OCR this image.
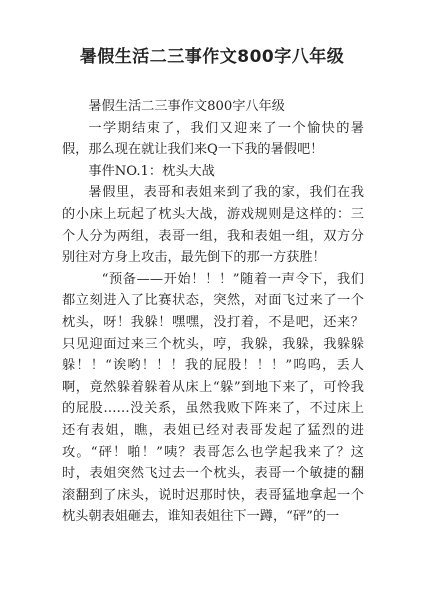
暑假生活二三事作文800字八年级

暑假生活二三事作文800字八年级

一学期结束了，我们又迎来了一个愉快的暑假，那么现在就让我们来Q一下我的暑假吧！

事件NO.1：枕头大战

暑假里，表哥和表姐来到了我的家，我们在我的小床上玩起了枕头大战，游戏规则是这样的：三个人分为两组，表哥一组，我和表姐一组，双方分别往对方身上攻击，最先倒下的那一方获胜！

“预备——开始！！！”随着一声令下，我们都立刻进入了比赛状态，突然，对面飞过来了一个枕头，呀！我躲！嘿嘿，没打着，不是吧，还来？只见迎面过来三个枕头，哼，我躲，我躲，我躲躲躲！！“诶哟！！！我的屁股！！！”呜呜，丢人啊，竟然躲着躲着从床上“躲”到地下来了，可怜我的屁股……没关系，虽然我败下阵来了，不过床上还有表姐，瞧，表姐已经对表哥发起了猛烈的进攻。“砰！啪！”咦？表哥怎么也学起我来了？这时，表姐突然飞过去一个枕头，表哥一个敏捷的翻滚翻到了床头，说时迟那时快，表哥猛地拿起一个枕头朝表姐砸去，谁知表姐往下一蹲，“砰”的一
